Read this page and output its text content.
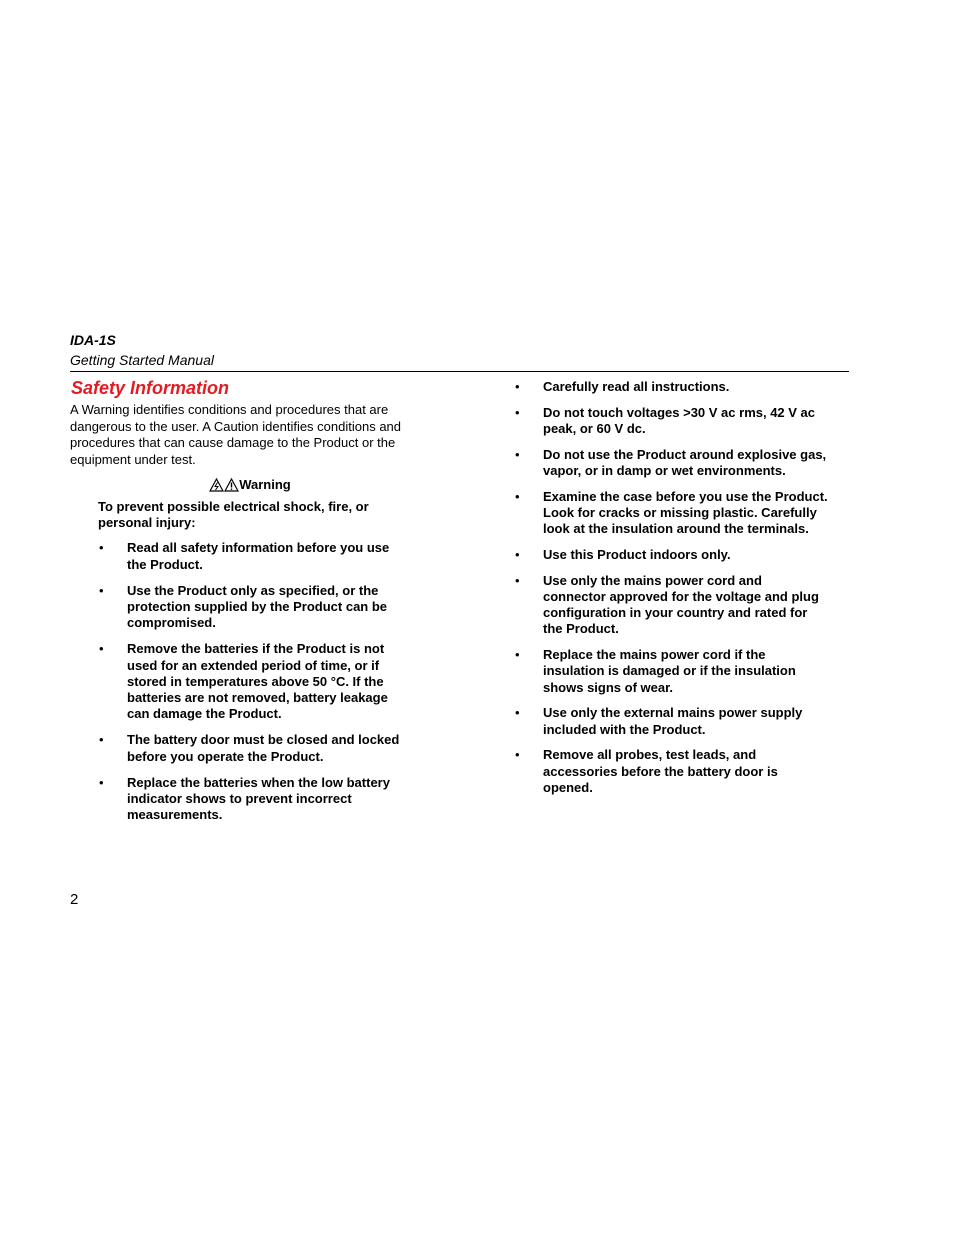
IDA-1S
Getting Started Manual
Safety Information

A Warning identifies conditions and procedures that are dangerous to the user. A Caution identifies conditions and procedures that can cause damage to the Product or the equipment under test.

Warning
To prevent possible electrical shock, fire, or personal injury:
• Read all safety information before you use the Product.
• Use the Product only as specified, or the protection supplied by the Product can be compromised.
• Remove the batteries if the Product is not used for an extended period of time, or if stored in temperatures above 50 °C. If the batteries are not removed, battery leakage can damage the Product.
• The battery door must be closed and locked before you operate the Product.
• Replace the batteries when the low battery indicator shows to prevent incorrect measurements.
• Carefully read all instructions.
• Do not touch voltages >30 V ac rms, 42 V ac peak, or 60 V dc.
• Do not use the Product around explosive gas, vapor, or in damp or wet environments.
• Examine the case before you use the Product. Look for cracks or missing plastic. Carefully look at the insulation around the terminals.
• Use this Product indoors only.
• Use only the mains power cord and connector approved for the voltage and plug configuration in your country and rated for the Product.
• Replace the mains power cord if the insulation is damaged or if the insulation shows signs of wear.
• Use only the external mains power supply included with the Product.
• Remove all probes, test leads, and accessories before the battery door is opened.
2
